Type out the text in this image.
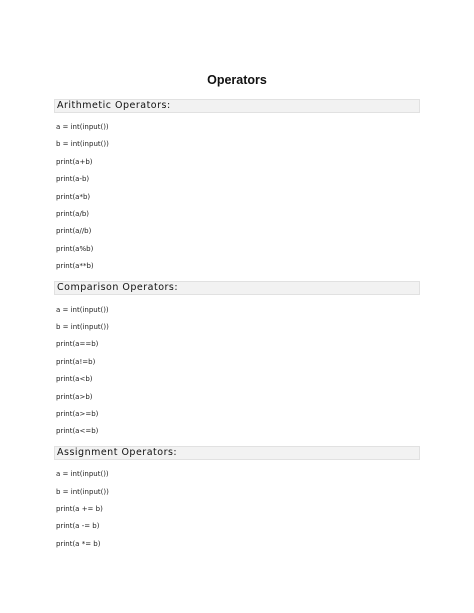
Operators
Arithmetic Operators:
a = int(input())
b = int(input())
print(a+b)
print(a-b)
print(a*b)
print(a/b)
print(a//b)
print(a%b)
print(a**b)
Comparison Operators:
a = int(input())
b = int(input())
print(a==b)
print(a!=b)
print(a<b)
print(a>b)
print(a>=b)
print(a<=b)
Assignment Operators:
a = int(input())
b = int(input())
print(a += b)
print(a -= b)
print(a *= b)
